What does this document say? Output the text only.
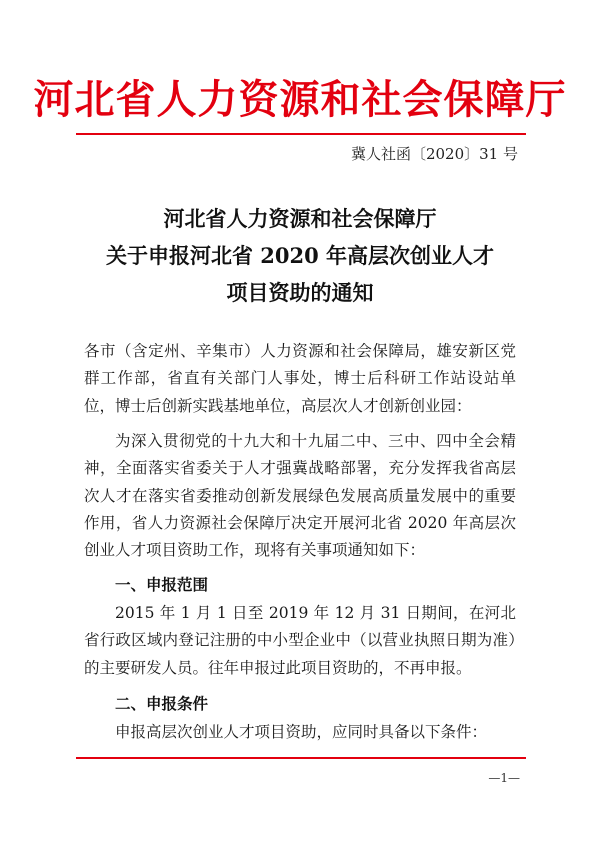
河北省人力资源和社会保障厅
冀人社函〔2020〕31 号
河北省人力资源和社会保障厅
关于申报河北省 2020 年高层次创业人才
项目资助的通知

各市（含定州、辛集市）人力资源和社会保障局，雄安新区党群工作部，省直有关部门人事处，博士后科研工作站设站单位，博士后创新实践基地单位，高层次人才创新创业园：

为深入贯彻党的十九大和十九届二中、三中、四中全会精神，全面落实省委关于人才强冀战略部署，充分发挥我省高层次人才在落实省委推动创新发展绿色发展高质量发展中的重要作用，省人力资源社会保障厅决定开展河北省 2020 年高层次创业人才项目资助工作，现将有关事项通知如下：

一、申报范围

2015 年 1 月 1 日至 2019 年 12 月 31 日期间，在河北省行政区域内登记注册的中小型企业中（以营业执照日期为准）的主要研发人员。往年申报过此项目资助的，不再申报。

二、申报条件

申报高层次创业人才项目资助，应同时具备以下条件：

—1—
